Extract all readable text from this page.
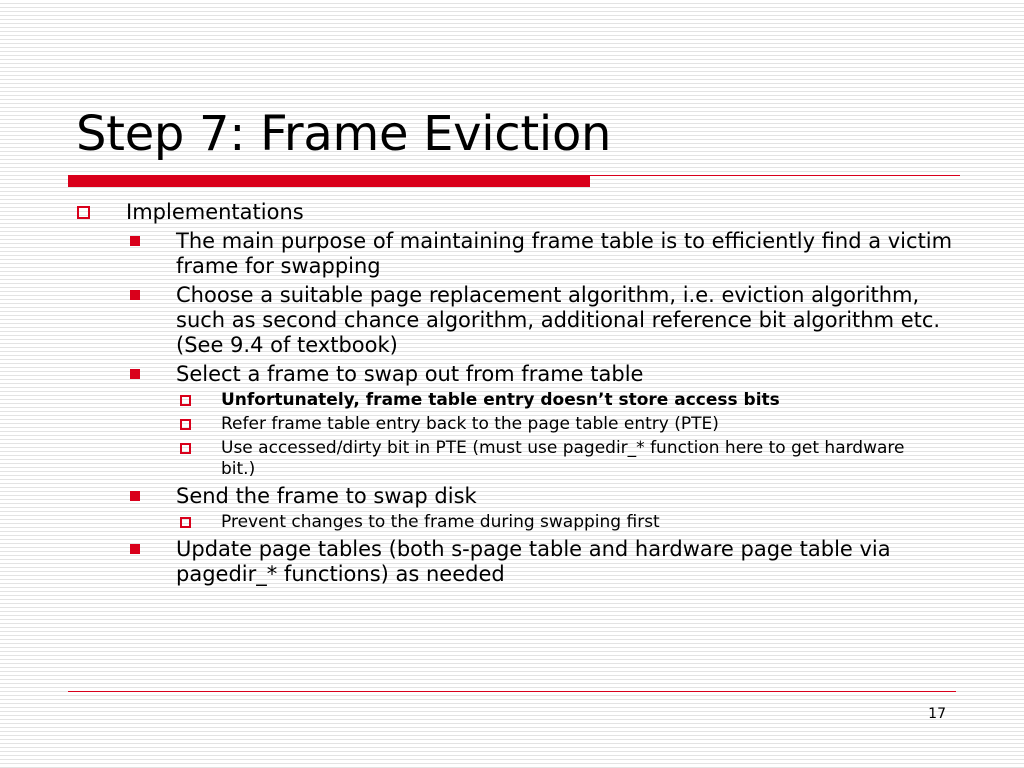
Step 7: Frame Eviction
Implementations
The main purpose of maintaining frame table is to efficiently find a victim frame for swapping
Choose a suitable page replacement algorithm, i.e. eviction algorithm, such as second chance algorithm, additional reference bit algorithm etc. (See 9.4 of textbook)
Select a frame to swap out from frame table
Unfortunately, frame table entry doesn’t store access bits
Refer frame table entry back to the page table entry (PTE)
Use accessed/dirty bit in PTE (must use pagedir_* function here to get hardware bit.)
Send the frame to swap disk
Prevent changes to the frame during swapping first
Update page tables (both s-page table and hardware page table via pagedir_* functions) as needed
17
